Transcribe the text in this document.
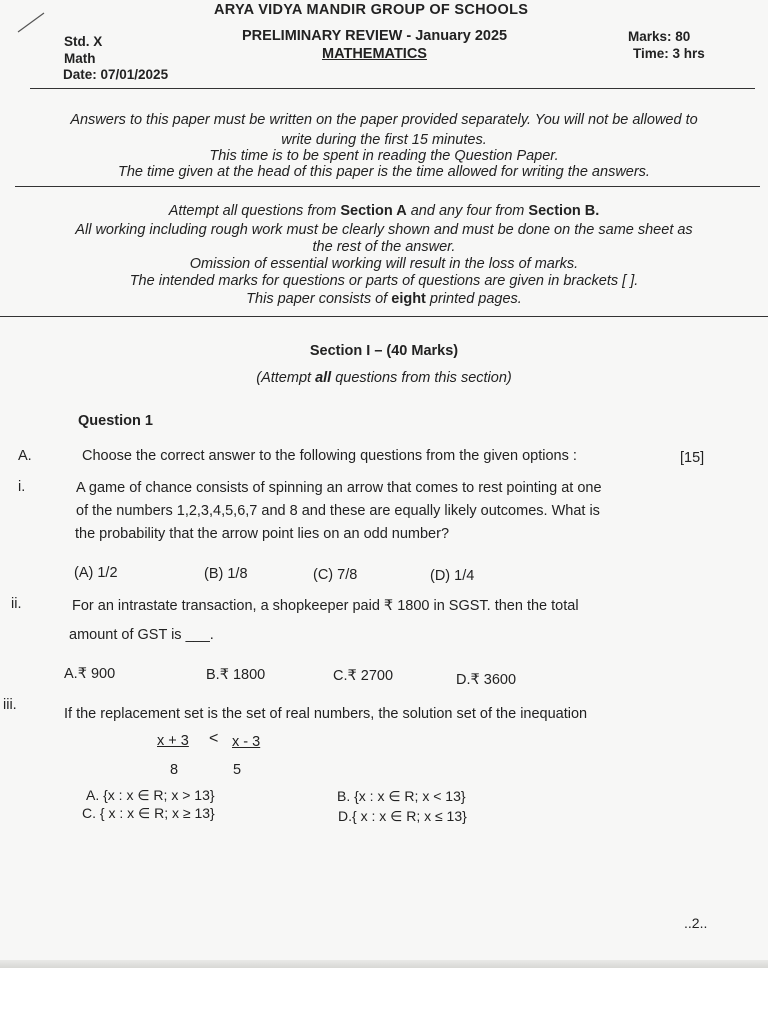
ARYA VIDYA MANDIR GROUP OF SCHOOLS
Std. X
Math
Date: 07/01/2025
PRELIMINARY REVIEW - January 2025
MATHEMATICS
Marks: 80
Time: 3 hrs
Answers to this paper must be written on the paper provided separately. You will not be allowed to
write during the first 15 minutes.
This time is to be spent in reading the Question Paper.
The time given at the head of this paper is the time allowed for writing the answers.
Attempt all questions from Section A and any four from Section B.
All working including rough work must be clearly shown and must be done on the same sheet as
the rest of the answer.
Omission of essential working will result in the loss of marks.
The intended marks for questions or parts of questions are given in brackets [ ].
This paper consists of eight printed pages.
Section I – (40 Marks)
(Attempt all questions from this section)
Question 1
A.	Choose the correct answer to the following questions from the given options :	[15]
i.	A game of chance consists of spinning an arrow that comes to rest pointing at one
of the numbers 1,2,3,4,5,6,7 and 8 and these are equally likely outcomes. What is
the probability that the arrow point lies on an odd number?
(A) 1/2	(B) 1/8	(C) 7/8	(D) 1/4
ii.	For an intrastate transaction, a shopkeeper paid ₹ 1800 in SGST. then the total
amount of GST is ___.
A.₹ 900	B.₹ 1800	C.₹ 2700	D.₹ 3600
iii.
If the replacement set is the set of real numbers, the solution set of the inequation
x + 3
8
< x - 3
5
A. {x : x ∈ R; x > 13}	B. {x : x ∈ R; x < 13}
C. { x : x ∈ R; x ≥ 13}	D.{ x : x ∈ R; x ≤ 13}
..2..
